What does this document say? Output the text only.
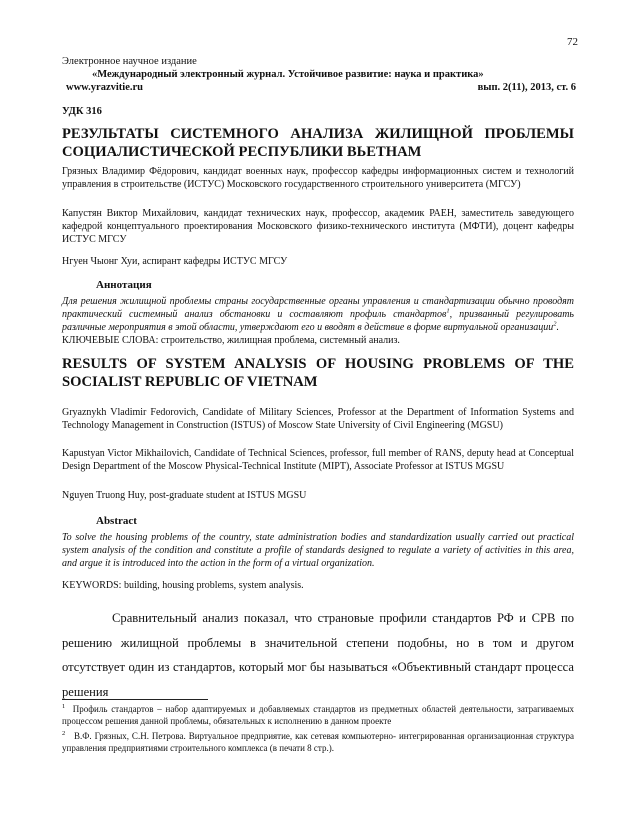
72
Электронное научное издание
«Международный электронный журнал. Устойчивое развитие: наука и практика»
www.yrazvitie.ru	вып. 2(11), 2013, ст. 6
УДК 316
РЕЗУЛЬТАТЫ СИСТЕМНОГО АНАЛИЗА ЖИЛИЩНОЙ ПРОБЛЕМЫ СОЦИАЛИСТИЧЕСКОЙ РЕСПУБЛИКИ ВЬЕТНАМ
Грязных Владимир Фёдорович, кандидат военных наук, профессор кафедры информационных систем и технологий управления в строительстве (ИСТУС) Московского государственного строительного университета (МГСУ)
Капустян Виктор Михайлович, кандидат технических наук, профессор, академик РАЕН, заместитель заведующего кафедрой концептуального проектирования Московского физико-технического института (МФТИ), доцент кафедры ИСТУС МГСУ
Нгуен Чыонг Хуи, аспирант кафедры ИСТУС МГСУ
Аннотация
Для решения жилищной проблемы страны государственные органы управления и стандартизации обычно проводят практический системный анализ обстановки и составляют профиль стандартов$^1$, призванный регулировать различные мероприятия в этой области, утверждают его и вводят в действие в форме виртуальной организации$^2$.
КЛЮЧЕВЫЕ СЛОВА: строительство, жилищная проблема, системный анализ.
RESULTS OF SYSTEM ANALYSIS OF HOUSING PROBLEMS OF THE SOCIALIST REPUBLIC OF VIETNAM
Gryaznykh Vladimir Fedorovich, Candidate of Military Sciences, Professor at the Department of Information Systems and Technology Management in Construction (ISTUS) of Moscow State University of Civil Engineering (MGSU)
Kapustyan Victor Mikhailovich, Candidate of Technical Sciences, professor, full member of RANS, deputy head at Conceptual Design Department of the Moscow Physical-Technical Institute (MIPT), Associate Professor at ISTUS MGSU
Nguyen Truong Huy, post-graduate student at ISTUS MGSU
Abstract
To solve the housing problems of the country, state administration bodies and standardization usually carried out practical system analysis of the condition and constitute a profile of standards designed to regulate a variety of activities in this area, and argue it is introduced into the action in the form of a virtual organization.
KEYWORDS: building, housing problems, system analysis.
Сравнительный анализ показал, что страновые профили стандартов РФ и СРВ по решению жилищной проблемы в значительной степени подобны, но в том и другом отсутствует один из стандартов, который мог бы называться «Объективный стандарт процесса решения
$^1$ Профиль стандартов – набор адаптируемых и добавляемых стандартов из предметных областей деятельности, затрагиваемых процессом решения данной проблемы, обязательных к исполнению в данном проекте
$^2$ В.Ф. Грязных, С.Н. Петрова. Виртуальное предприятие, как сетевая компьютерно- интегрированная организационная структура управления предприятиями строительного комплекса (в печати 8 стр.).
